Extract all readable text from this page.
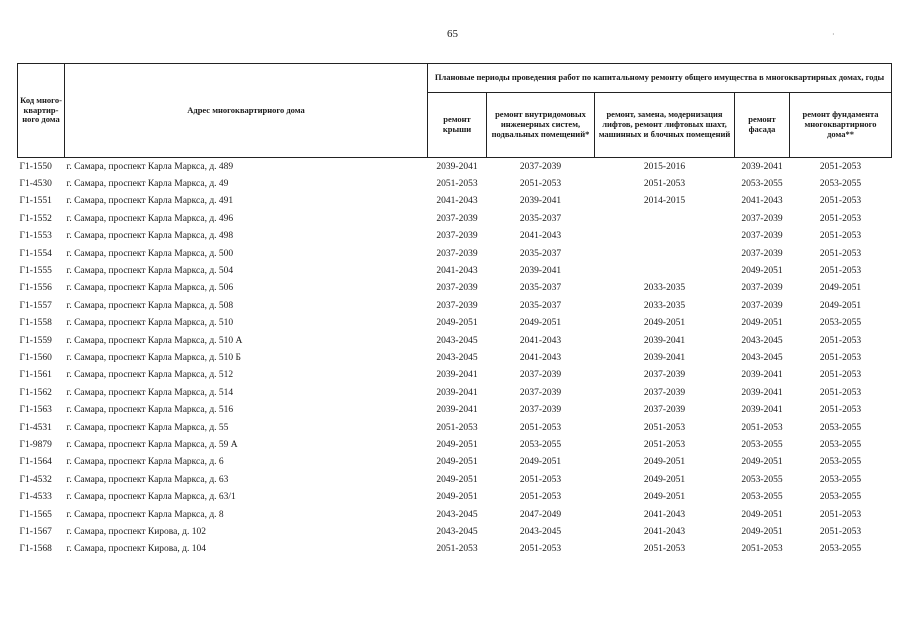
65
Код много-квартир-ного дома	Адрес многоквартирного дома	Плановые периоды проведения работ по капитальному ремонту общего имущества в многоквартирных домах, годы				
		ремонт крыши	ремонт внутридомовых инженерных систем, подвальных помещений*	ремонт, замена, модернизация лифтов, ремонт лифтовых шахт, машинных и блочных помещений	ремонт фасада	ремонт фундамента многоквартирного дома**
Г1-1550	г. Самара, проспект Карла Маркса, д. 489	2039-2041	2037-2039	2015-2016	2039-2041	2051-2053
Г1-4530	г. Самара, проспект Карла Маркса, д. 49	2051-2053	2051-2053	2051-2053	2053-2055	2053-2055
Г1-1551	г. Самара, проспект Карла Маркса, д. 491	2041-2043	2039-2041	2014-2015	2041-2043	2051-2053
Г1-1552	г. Самара, проспект Карла Маркса, д. 496	2037-2039	2035-2037		2037-2039	2051-2053
Г1-1553	г. Самара, проспект Карла Маркса, д. 498	2037-2039	2041-2043		2037-2039	2051-2053
Г1-1554	г. Самара, проспект Карла Маркса, д. 500	2037-2039	2035-2037		2037-2039	2051-2053
Г1-1555	г. Самара, проспект Карла Маркса, д. 504	2041-2043	2039-2041		2049-2051	2051-2053
Г1-1556	г. Самара, проспект Карла Маркса, д. 506	2037-2039	2035-2037	2033-2035	2037-2039	2049-2051
Г1-1557	г. Самара, проспект Карла Маркса, д. 508	2037-2039	2035-2037	2033-2035	2037-2039	2049-2051
Г1-1558	г. Самара, проспект Карла Маркса, д. 510	2049-2051	2049-2051	2049-2051	2049-2051	2053-2055
Г1-1559	г. Самара, проспект Карла Маркса, д. 510 А	2043-2045	2041-2043	2039-2041	2043-2045	2051-2053
Г1-1560	г. Самара, проспект Карла Маркса, д. 510 Б	2043-2045	2041-2043	2039-2041	2043-2045	2051-2053
Г1-1561	г. Самара, проспект Карла Маркса, д. 512	2039-2041	2037-2039	2037-2039	2039-2041	2051-2053
Г1-1562	г. Самара, проспект Карла Маркса, д. 514	2039-2041	2037-2039	2037-2039	2039-2041	2051-2053
Г1-1563	г. Самара, проспект Карла Маркса, д. 516	2039-2041	2037-2039	2037-2039	2039-2041	2051-2053
Г1-4531	г. Самара, проспект Карла Маркса, д. 55	2051-2053	2051-2053	2051-2053	2051-2053	2053-2055
Г1-9879	г. Самара, проспект Карла Маркса, д. 59 А	2049-2051	2053-2055	2051-2053	2053-2055	2053-2055
Г1-1564	г. Самара, проспект Карла Маркса, д. 6	2049-2051	2049-2051	2049-2051	2049-2051	2053-2055
Г1-4532	г. Самара, проспект Карла Маркса, д. 63	2049-2051	2051-2053	2049-2051	2053-2055	2053-2055
Г1-4533	г. Самара, проспект Карла Маркса, д. 63/1	2049-2051	2051-2053	2049-2051	2053-2055	2053-2055
Г1-1565	г. Самара, проспект Карла Маркса, д. 8	2043-2045	2047-2049	2041-2043	2049-2051	2051-2053
Г1-1567	г. Самара, проспект Кирова, д. 102	2043-2045	2043-2045	2041-2043	2049-2051	2051-2053
Г1-1568	г. Самара, проспект Кирова, д. 104	2051-2053	2051-2053	2051-2053	2051-2053	2053-2055
·
